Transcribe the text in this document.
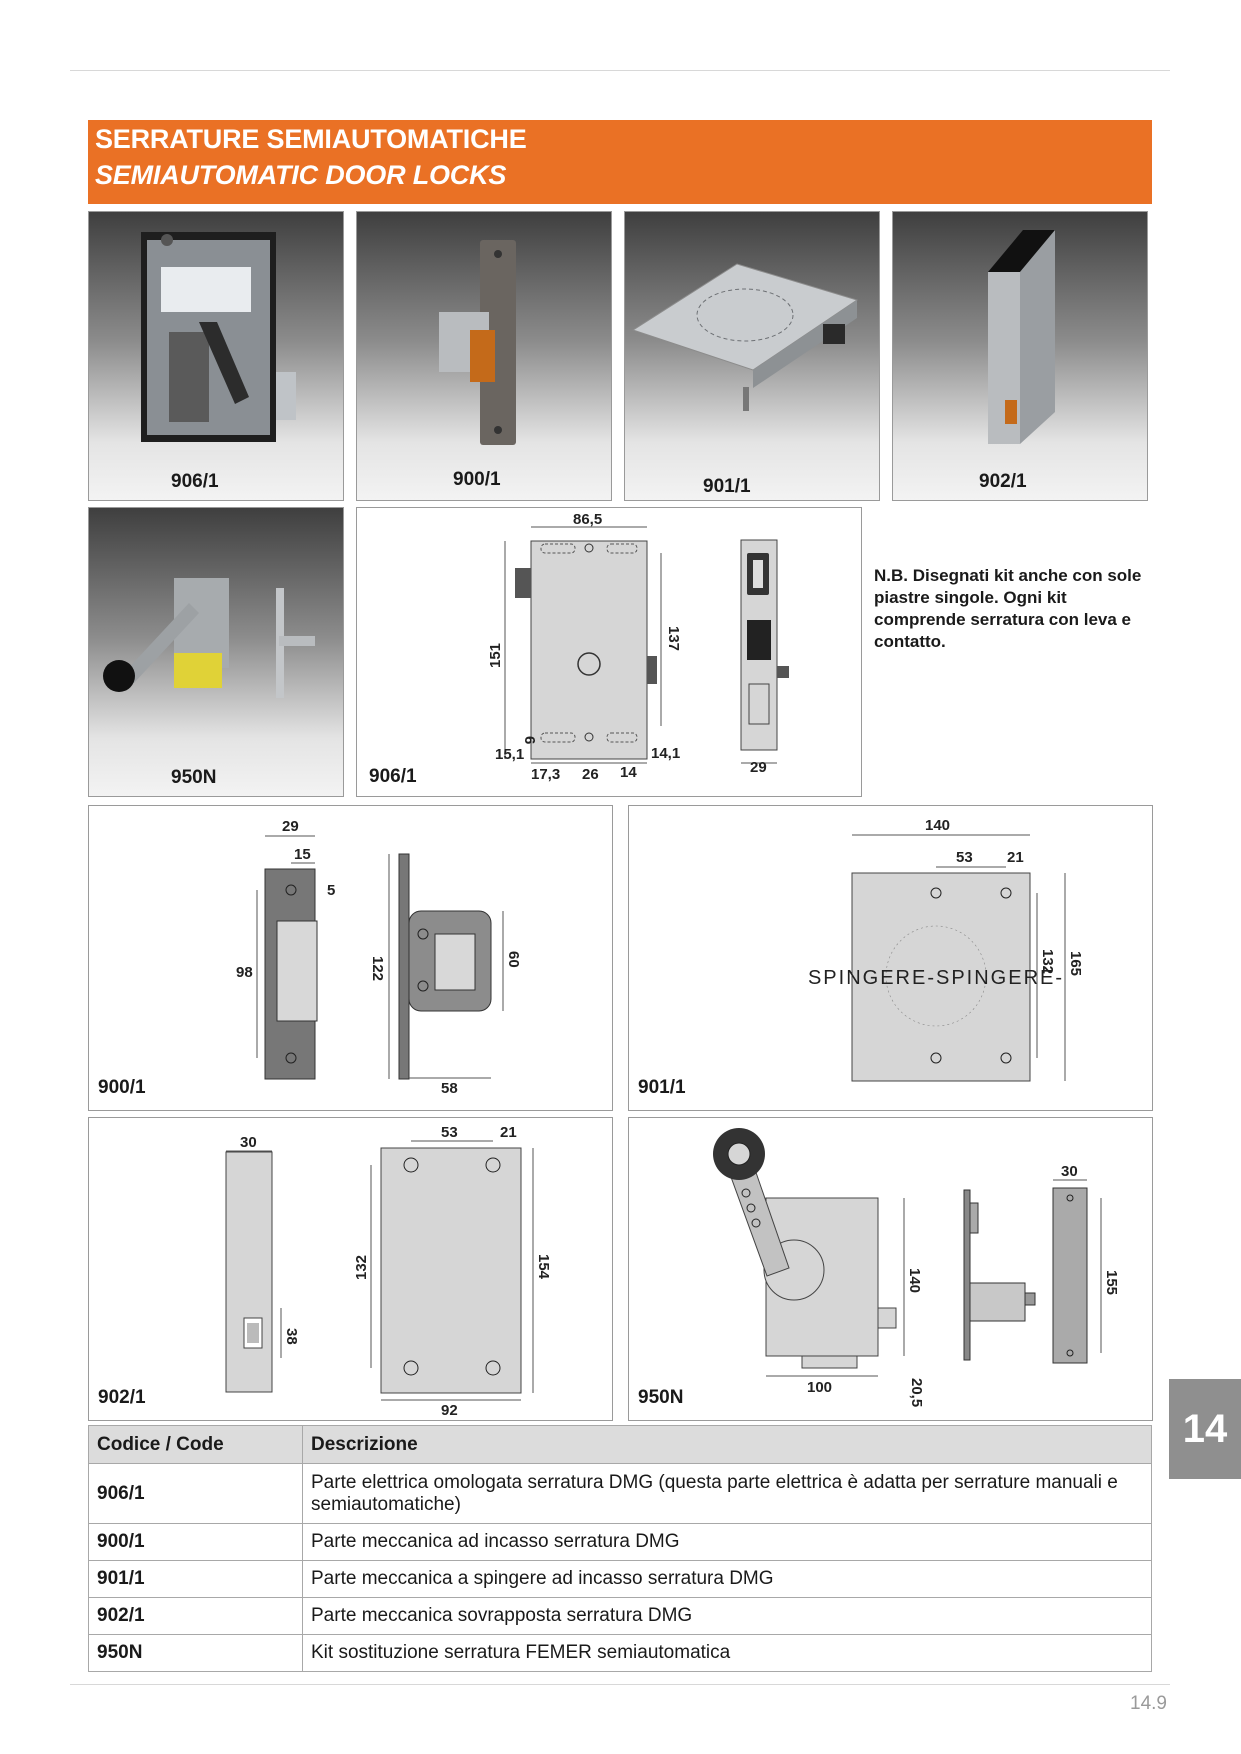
SERRATURE SEMIAUTOMATICHE
SEMIAUTOMATIC DOOR LOCKS
906/1	900/1	901/1	902/1
950N
86,5
151
137
6
15,1	14,1
17,3 26 14	29
906/1
N.B. Disegnati kit anche con sole piastre singole. Ogni kit comprende serratura con leva e contatto.
29
15
5
98	122	60
58
900/1
SPINGERE-SPINGERE-
140
53 21
132 165
901/1
30
38
53	21
132	154
92
902/1	100
140
20,5
30
155
950N
Codice / Code	Descrizione
906/1	Parte elettrica omologata serratura DMG (questa parte elettrica è adatta per serrature manuali e semiautomatiche)
900/1	Parte meccanica ad incasso serratura DMG
901/1	Parte meccanica a spingere ad incasso serratura DMG
902/1	Parte meccanica sovrapposta serratura DMG
950N	Kit sostituzione serratura FEMER semiautomatica
14
14.9
